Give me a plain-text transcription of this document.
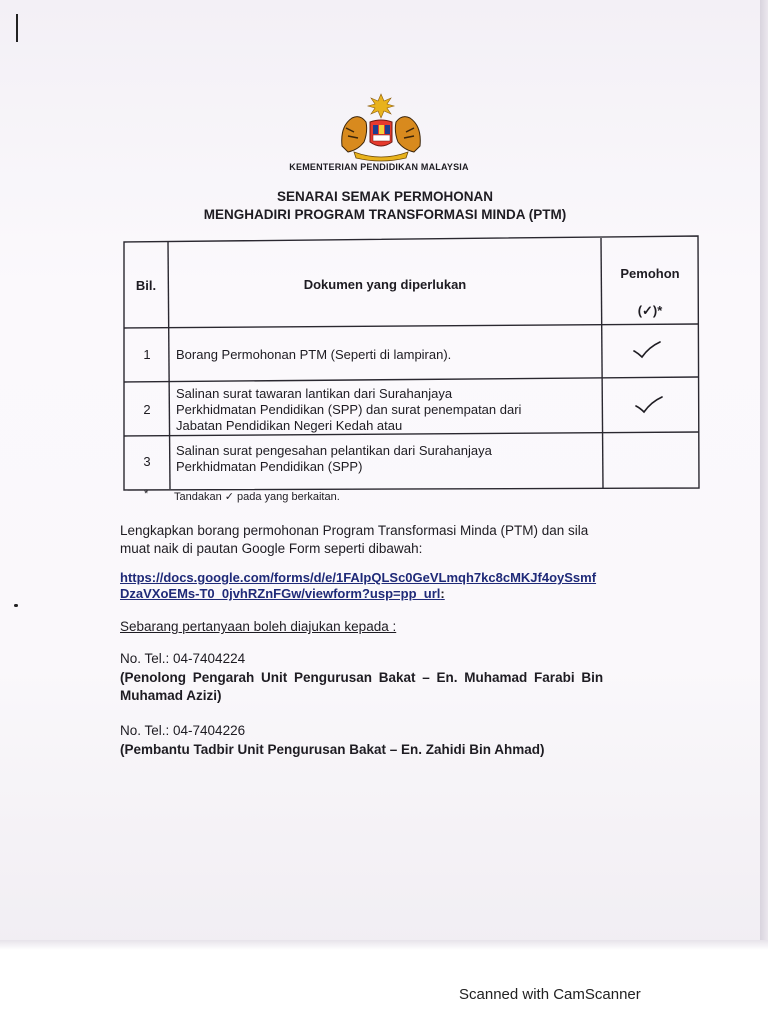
KEMENTERIAN PENDIDIKAN MALAYSIA
SENARAI SEMAK PERMOHONAN
MENGHADIRI PROGRAM TRANSFORMASI MINDA (PTM)
Bil.	Dokumen yang diperlukan
Pemohon
(✓)*
1	Borang Permohonan PTM (Seperti di lampiran).
2
Salinan surat tawaran lantikan dari Surahanjaya
Perkhidmatan Pendidikan (SPP) dan surat penempatan dari
Jabatan Pendidikan Negeri Kedah atau
3
Salinan surat pengesahan pelantikan dari Surahanjaya
Perkhidmatan Pendidikan (SPP)
* Tandakan ✓ pada yang berkaitan.
Lengkapkan borang permohonan Program Transformasi Minda (PTM) dan sila
muat naik di pautan Google Form seperti dibawah:
https://docs.google.com/forms/d/e/1FAIpQLSc0GeVLmqh7kc8cMKJf4oySsmf
DzaVXoEMs-T0_0jvhRZnFGw/viewform?usp=pp_url:
Sebarang pertanyaan boleh diajukan kepada :
No. Tel.: 04-7404224
(Penolong Pengarah Unit Pengurusan Bakat – En. Muhamad Farabi Bin
Muhamad Azizi)
No. Tel.: 04-7404226
(Pembantu Tadbir Unit Pengurusan Bakat – En. Zahidi Bin Ahmad)
Scanned with CamScanner
